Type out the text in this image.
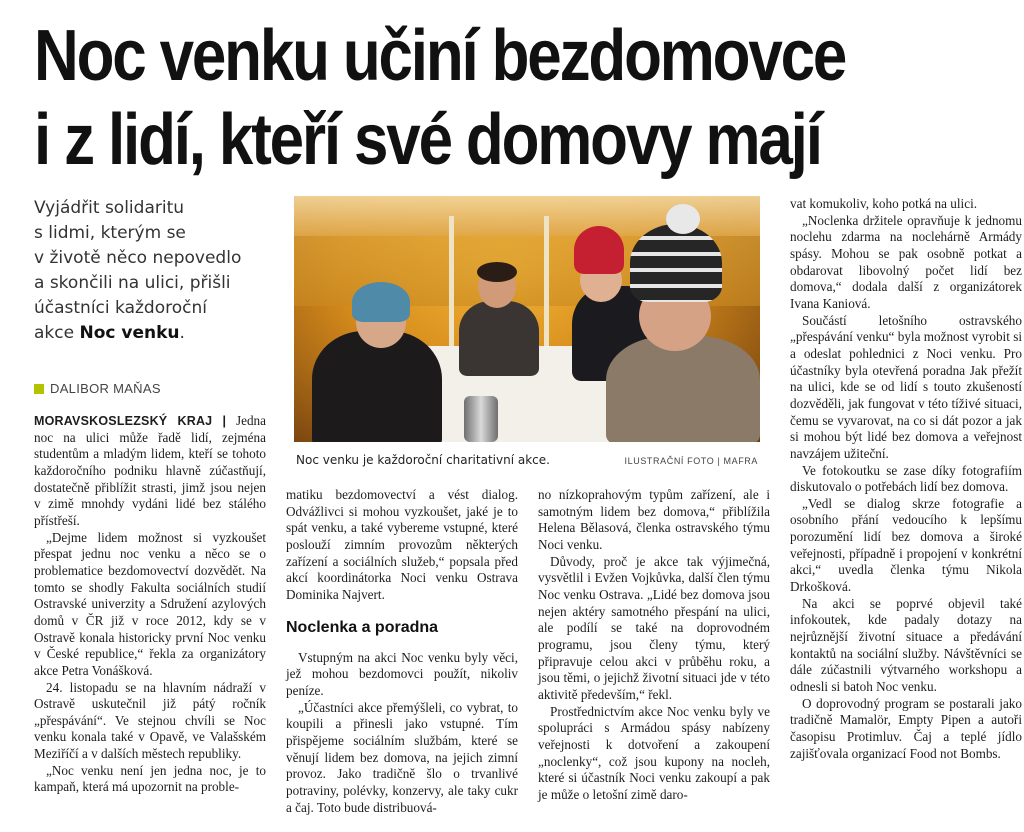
Noc venku učiní bezdomovce
i z lidí, kteří své domovy mají

Vyjádřit solidaritu

s lidmi, kterým se

v životě něco nepovedlo

a skončili na ulici, přišli

účastníci každoroční

akce Noc venku.

DALIBOR MAŇAS
Noc venku je každoroční charitativní akce.	ILUSTRAČNÍ FOTO | MAFRA

MORAVSKOSLEZSKÝ KRAJ | Jedna noc na ulici může řadě lidí, zejména studentům a mladým lidem, kteří se tohoto každoročního podniku hlavně zúčastňují, dostatečně přiblížit strasti, jimž jsou nejen v zimě mnohdy vydáni lidé bez stálého přístřeší.

„Dejme lidem možnost si vyzkoušet přespat jednu noc venku a něco se o problematice bezdomovectví dozvědět. Na tomto se shodly Fakulta sociálních studií Ostravské univerzity a Sdružení azylových domů v ČR již v roce 2012, kdy se v Ostravě konala historicky první Noc venku v České republice,“ řekla za organizátory akce Petra Vonášková.

24. listopadu se na hlavním nádraží v Ostravě uskutečnil již pátý ročník „přespávání“. Ve stejnou chvíli se Noc venku konala také v Opavě, ve Valašském Meziříčí a v dalších městech republiky.

„Noc venku není jen jedna noc, je to kampaň, která má upozornit na proble-

matiku bezdomovectví a vést dialog. Odvážlivci si mohou vyzkoušet, jaké je to spát venku, a také vybereme vstupné, které poslouží zimním provozům některých zařízení a sociálních služeb,“ popsala před akcí koordinátorka Noci venku Ostrava Dominika Najvert.

Noclenka a poradna

Vstupným na akci Noc venku byly věci, jež mohou bezdomovci použít, nikoliv peníze.

„Účastníci akce přemýšleli, co vybrat, to koupili a přinesli jako vstupné. Tím přispějeme sociálním službám, které se věnují lidem bez domova, na jejich zimní provoz. Jako tradičně šlo o trvanlivé potraviny, polévky, konzervy, ale taky cukr a čaj. Toto bude distribuová-

no nízkoprahovým typům zařízení, ale i samotným lidem bez domova,“ přiblížila Helena Bělasová, členka ostravského týmu Noci venku.

Důvody, proč je akce tak výjimečná, vysvětlil i Evžen Vojkůvka, další člen týmu Noc venku Ostrava. „Lidé bez domova jsou nejen aktéry samotného přespání na ulici, ale podílí se také na doprovodném programu, jsou členy týmu, který připravuje celou akci v průběhu roku, a jsou těmi, o jejichž životní situaci jde v této aktivitě především,“ řekl.

Prostřednictvím akce Noc venku byly ve spolupráci s Armádou spásy nabízeny veřejnosti k dotvoření a zakoupení „noclenky“, což jsou kupony na nocleh, které si účastník Noci venku zakoupí a pak je může o letošní zimě daro-

vat komukoliv, koho potká na ulici.

„Noclenka držitele opravňuje k jednomu noclehu zdarma na noclehárně Armády spásy. Mohou se pak osobně potkat a obdarovat libovolný počet lidí bez domova,“ dodala další z organizátorek Ivana Kaniová.

Součástí letošního ostravského „přespávání venku“ byla možnost vyrobit si a odeslat pohlednici z Noci venku. Pro účastníky byla otevřená poradna Jak přežít na ulici, kde se od lidí s touto zkušeností dozvěděli, jak fungovat v této tíživé situaci, čemu se vyvarovat, na co si dát pozor a jak si mohou být lidé bez domova a veřejnost navzájem užiteční.

Ve fotokoutku se zase díky fotografiím diskutovalo o potřebách lidí bez domova.

„Vedl se dialog skrze fotografie a osobního přání vedoucího k lepšímu porozumění lidí bez domova a široké veřejnosti, případně i propojení v konkrétní akci,“ uvedla členka týmu Nikola Drkošková.

Na akci se poprvé objevil také infokoutek, kde padaly dotazy na nejrůznější životní situace a předávání kontaktů na sociální služby. Návštěvníci se dále zúčastnili výtvarného workshopu a odnesli si batoh Noc venku.

O doprovodný program se postarali jako tradičně Mamalör, Empty Pipen a autoři časopisu Protimluv. Čaj a teplé jídlo zajišťovala organizací Food not Bombs.
